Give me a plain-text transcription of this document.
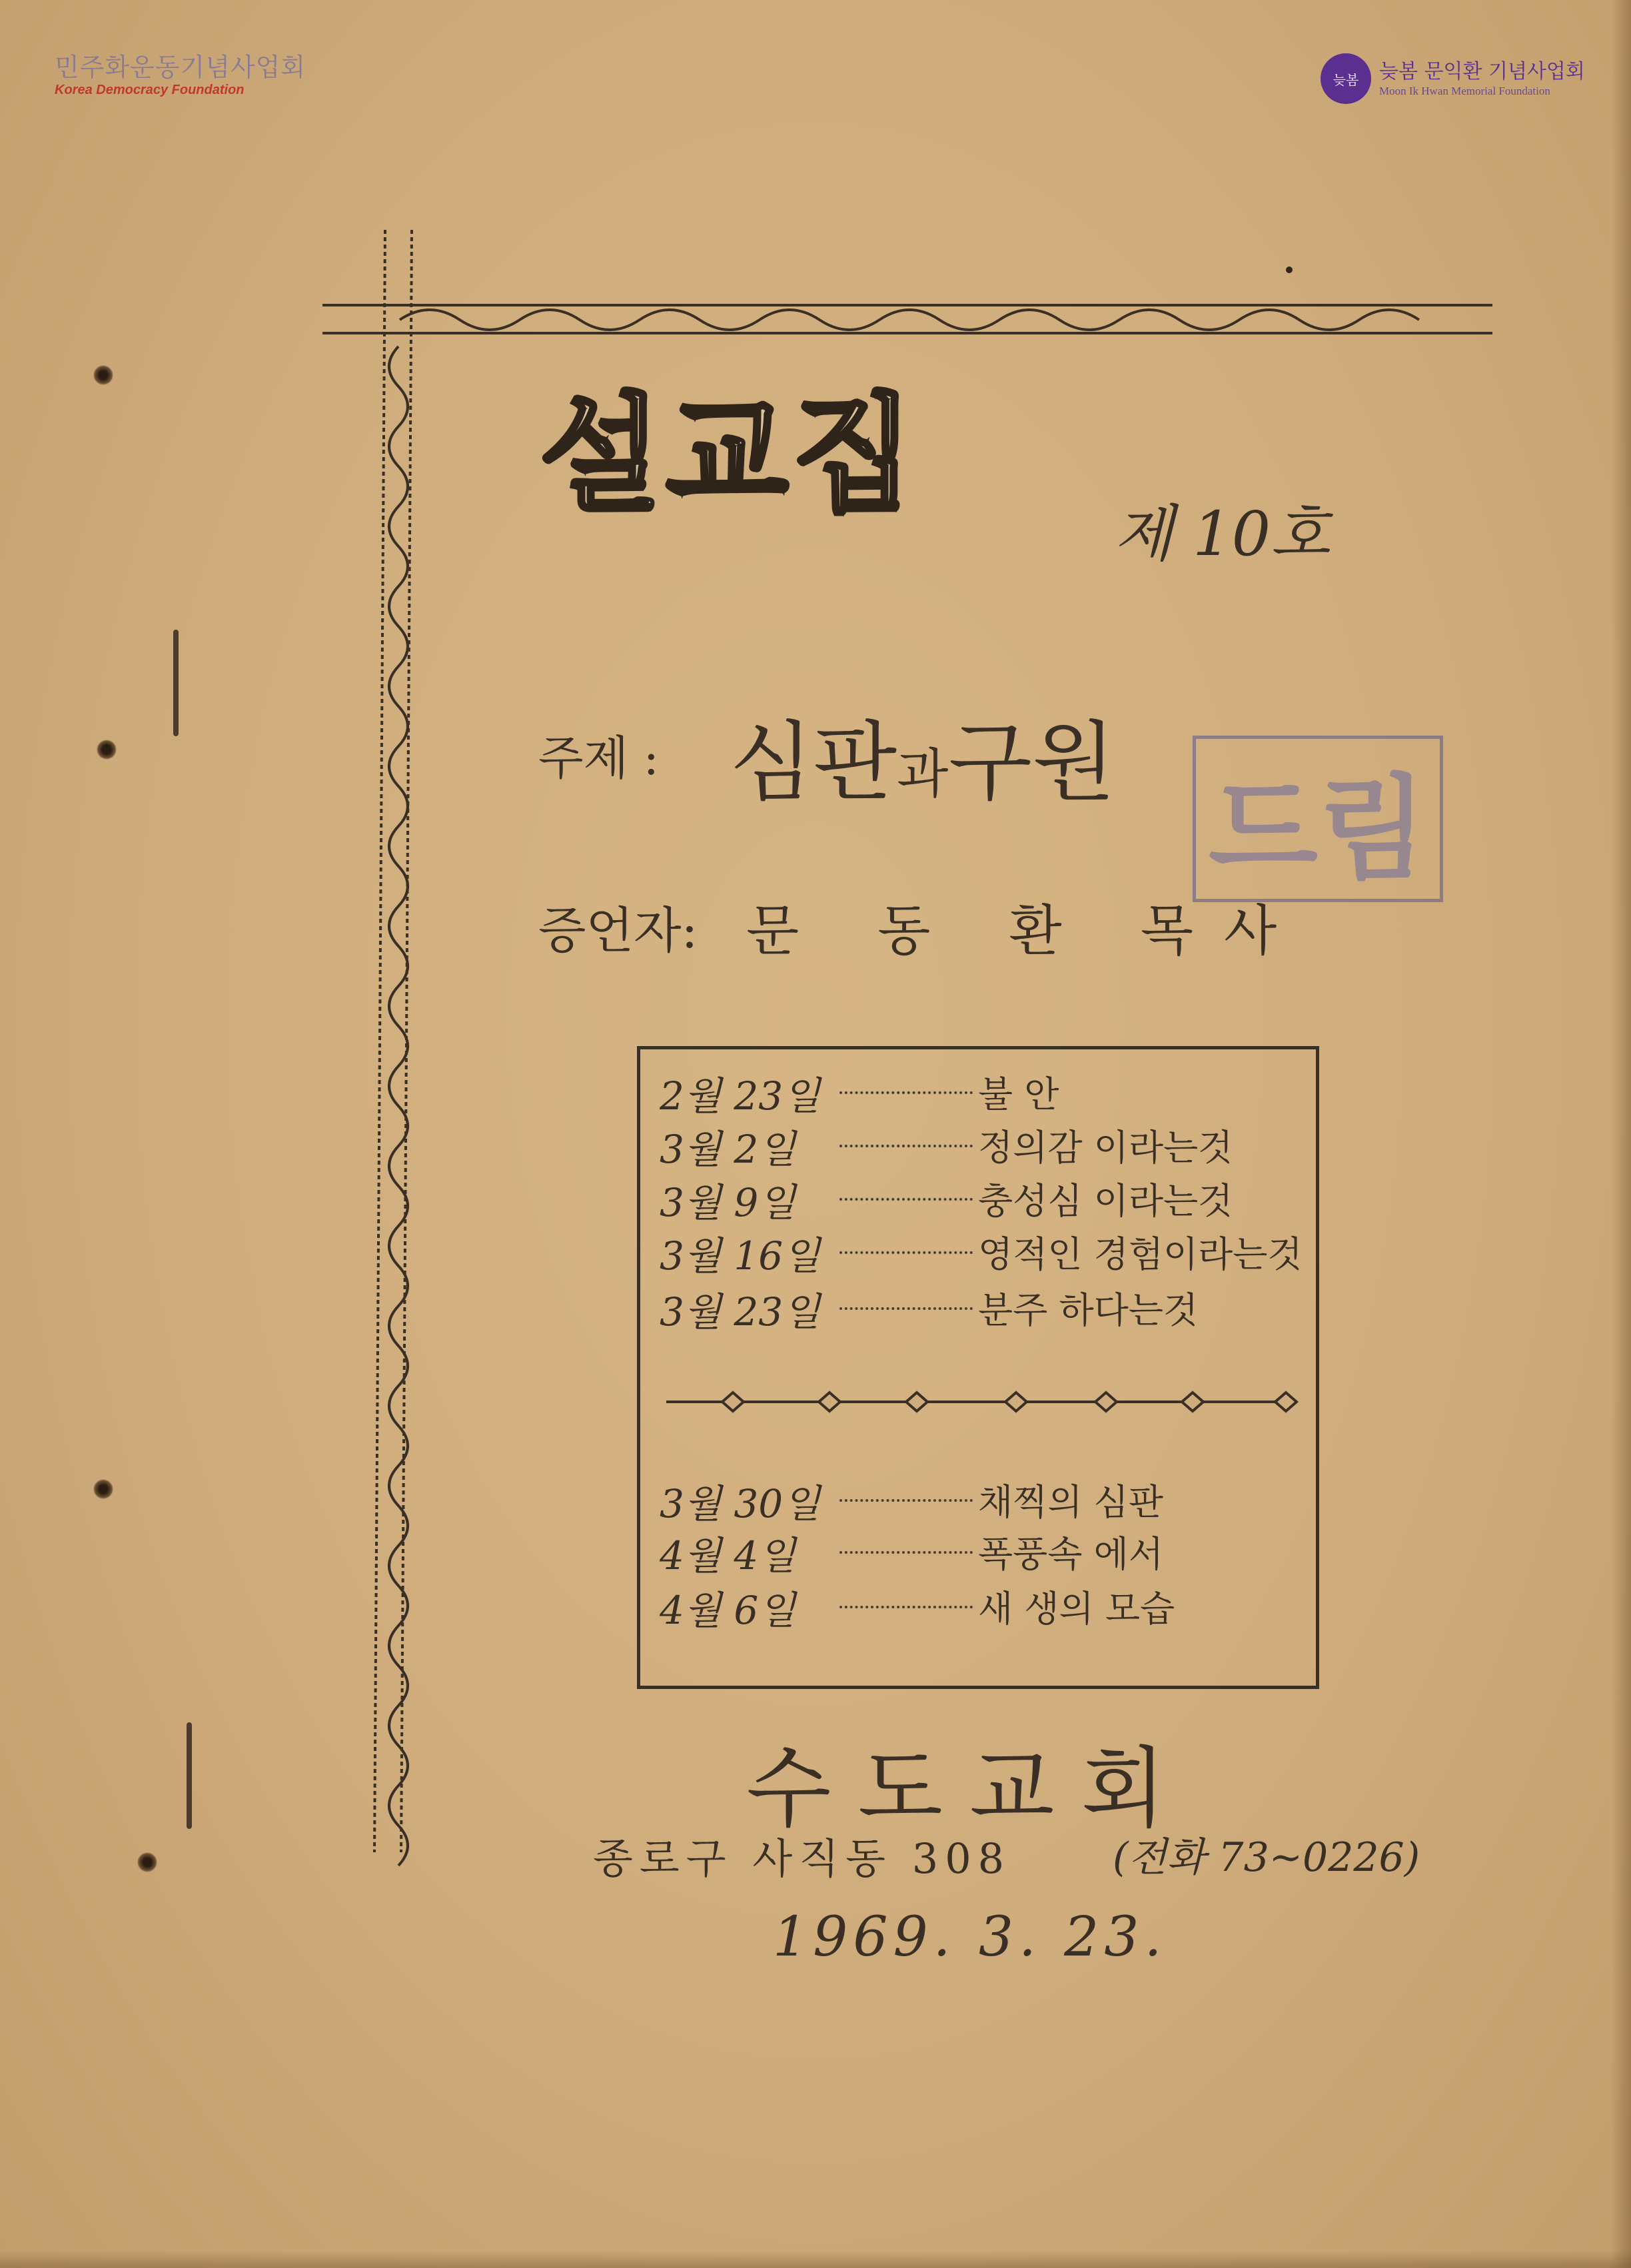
민주화운동기념사업회
Korea Democracy Foundation
늦봄	늦봄 문익환 기념사업회
Moon Ik Hwan Memorial Foundation
설교집
제 10호
주제 : 심판과구원
드림
증언자: 문 동 환 목사
2월 23일	불 안
3월 2일	정의감 이라는것
3월 9일	충성심 이라는것
3월 16일	영적인 경험이라는것
3월 23일	분주 하다는것
3월 30일	채찍의 심판
4월 4일	폭풍속 에서
4월 6일	새 생의 모습
수도교회
종로구 사직동 308	(전화 73~0226)
1969. 3. 23.
